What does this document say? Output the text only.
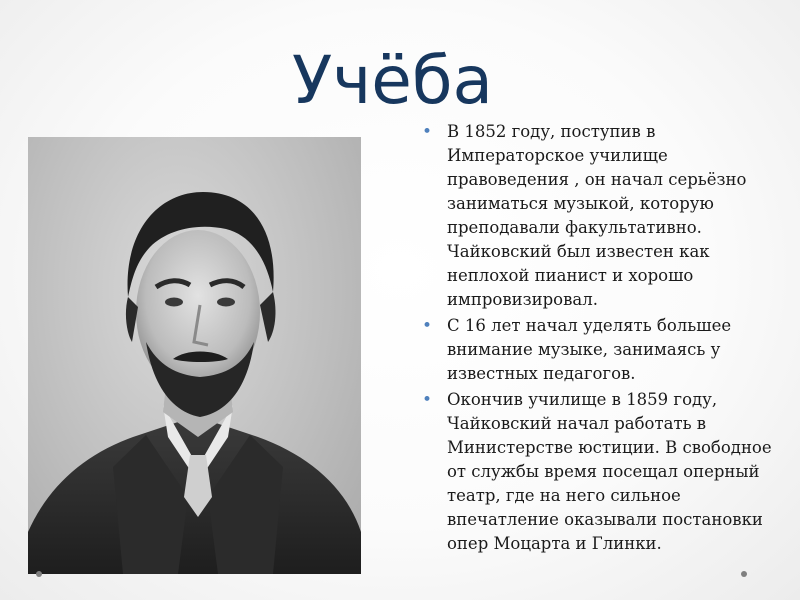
Учёба
• В 1852 году, поступив в Императорское училище правоведения , он начал серьёзно заниматься музыкой, которую преподавали факультативно. Чайковский был известен как неплохой пианист и хорошо импровизировал.
• С 16 лет начал уделять большее внимание музыке, занимаясь у известных педагогов.
• Окончив училище в 1859 году, Чайковский начал работать в Министерстве юстиции. В свободное от службы время посещал оперный театр, где на него сильное впечатление оказывали постановки опер Моцарта и Глинки.
